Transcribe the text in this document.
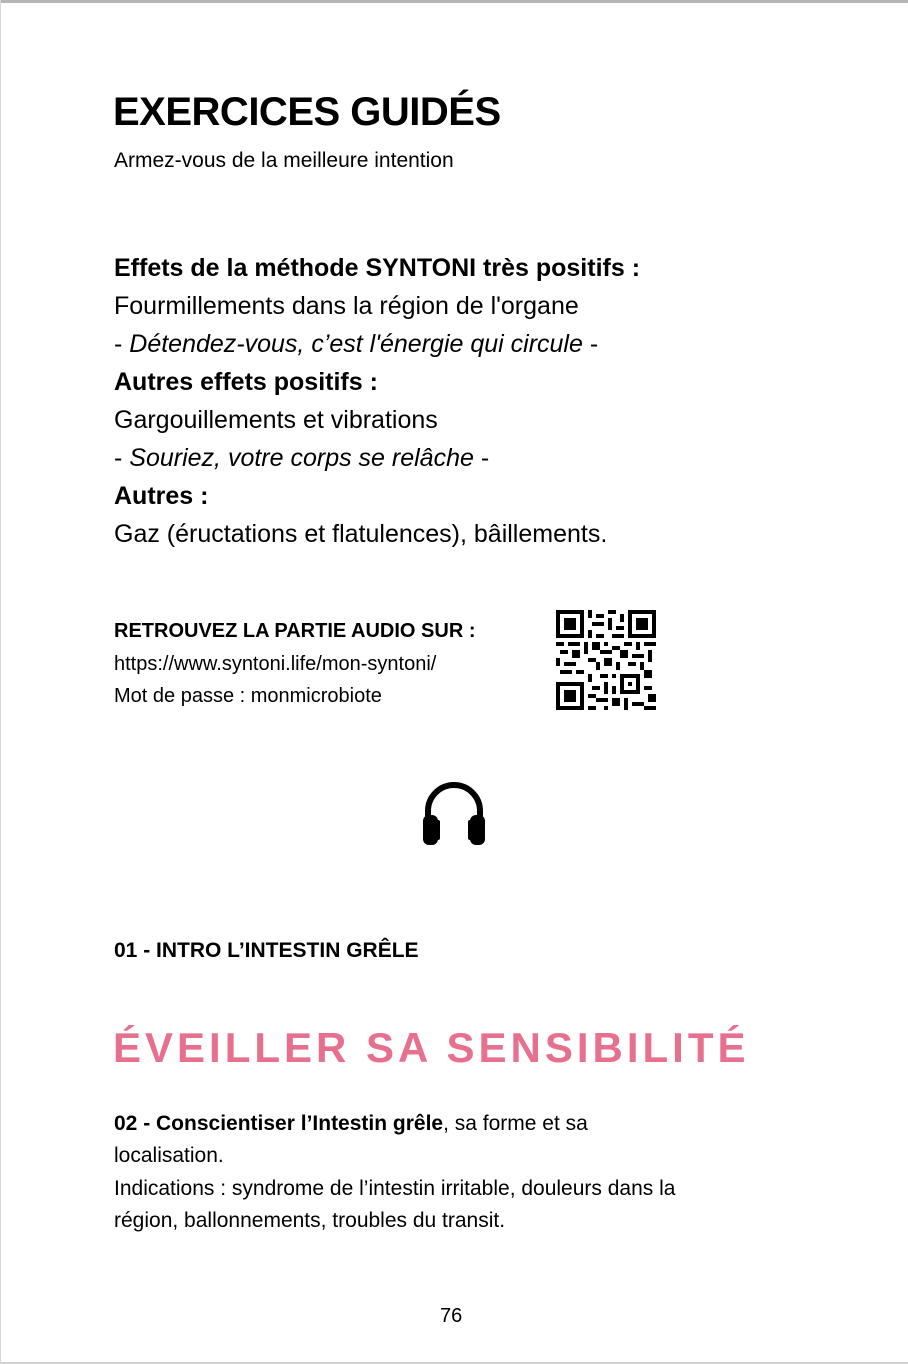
EXERCICES GUIDÉS
Armez-vous de la meilleure intention
Effets de la méthode SYNTONI très positifs :
Fourmillements dans la région de l'organe
- Détendez-vous, c’est l'énergie qui circule -
Autres effets positifs :
Gargouillements et vibrations
- Souriez, votre corps se relâche -
Autres :
Gaz (éructations et flatulences), bâillements.
RETROUVEZ LA PARTIE AUDIO SUR :
https://www.syntoni.life/mon-syntoni/
Mot de passe : monmicrobiote
01 - INTRO L’INTESTIN GRÊLE
ÉVEILLER SA SENSIBILITÉ
02 - Conscientiser l’Intestin grêle, sa forme et sa
localisation.
Indications : syndrome de l’intestin irritable, douleurs dans la
région, ballonnements, troubles du transit.
76
